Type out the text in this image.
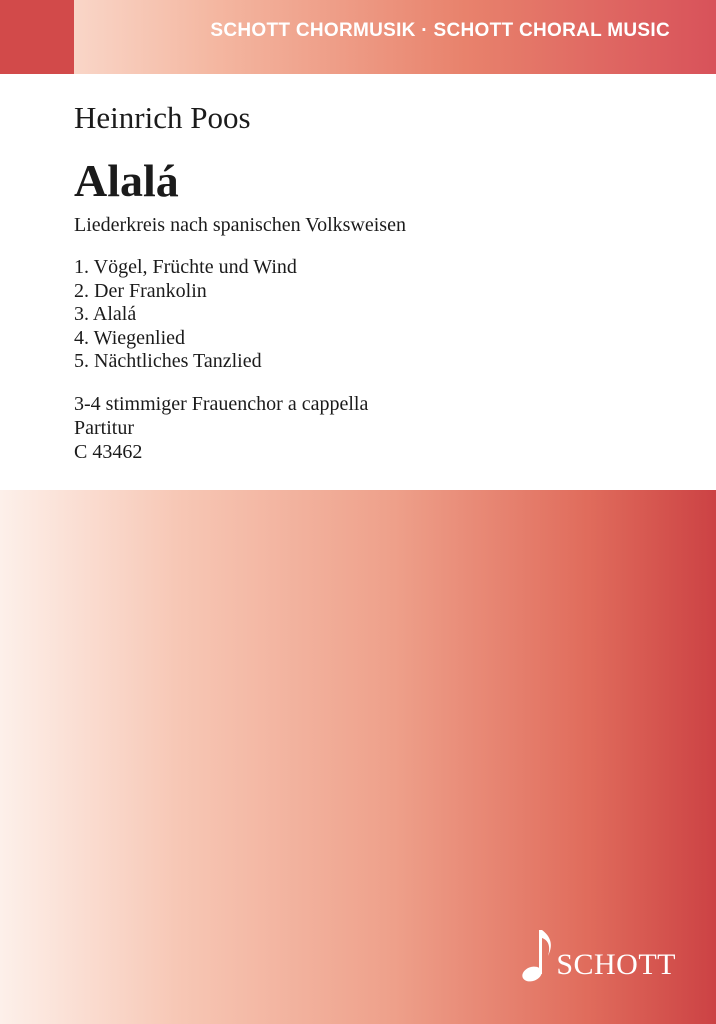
SCHOTT CHORMUSIK · SCHOTT CHORAL MUSIC

Heinrich Poos

Alalá

Liederkreis nach spanischen Volksweisen

1. Vögel, Früchte und Wind
2. Der Frankolin
3. Alalá
4. Wiegenlied
5. Nächtliches Tanzlied

3-4 stimmiger Frauenchor a cappella

Partitur

C 43462

SCHOTT
